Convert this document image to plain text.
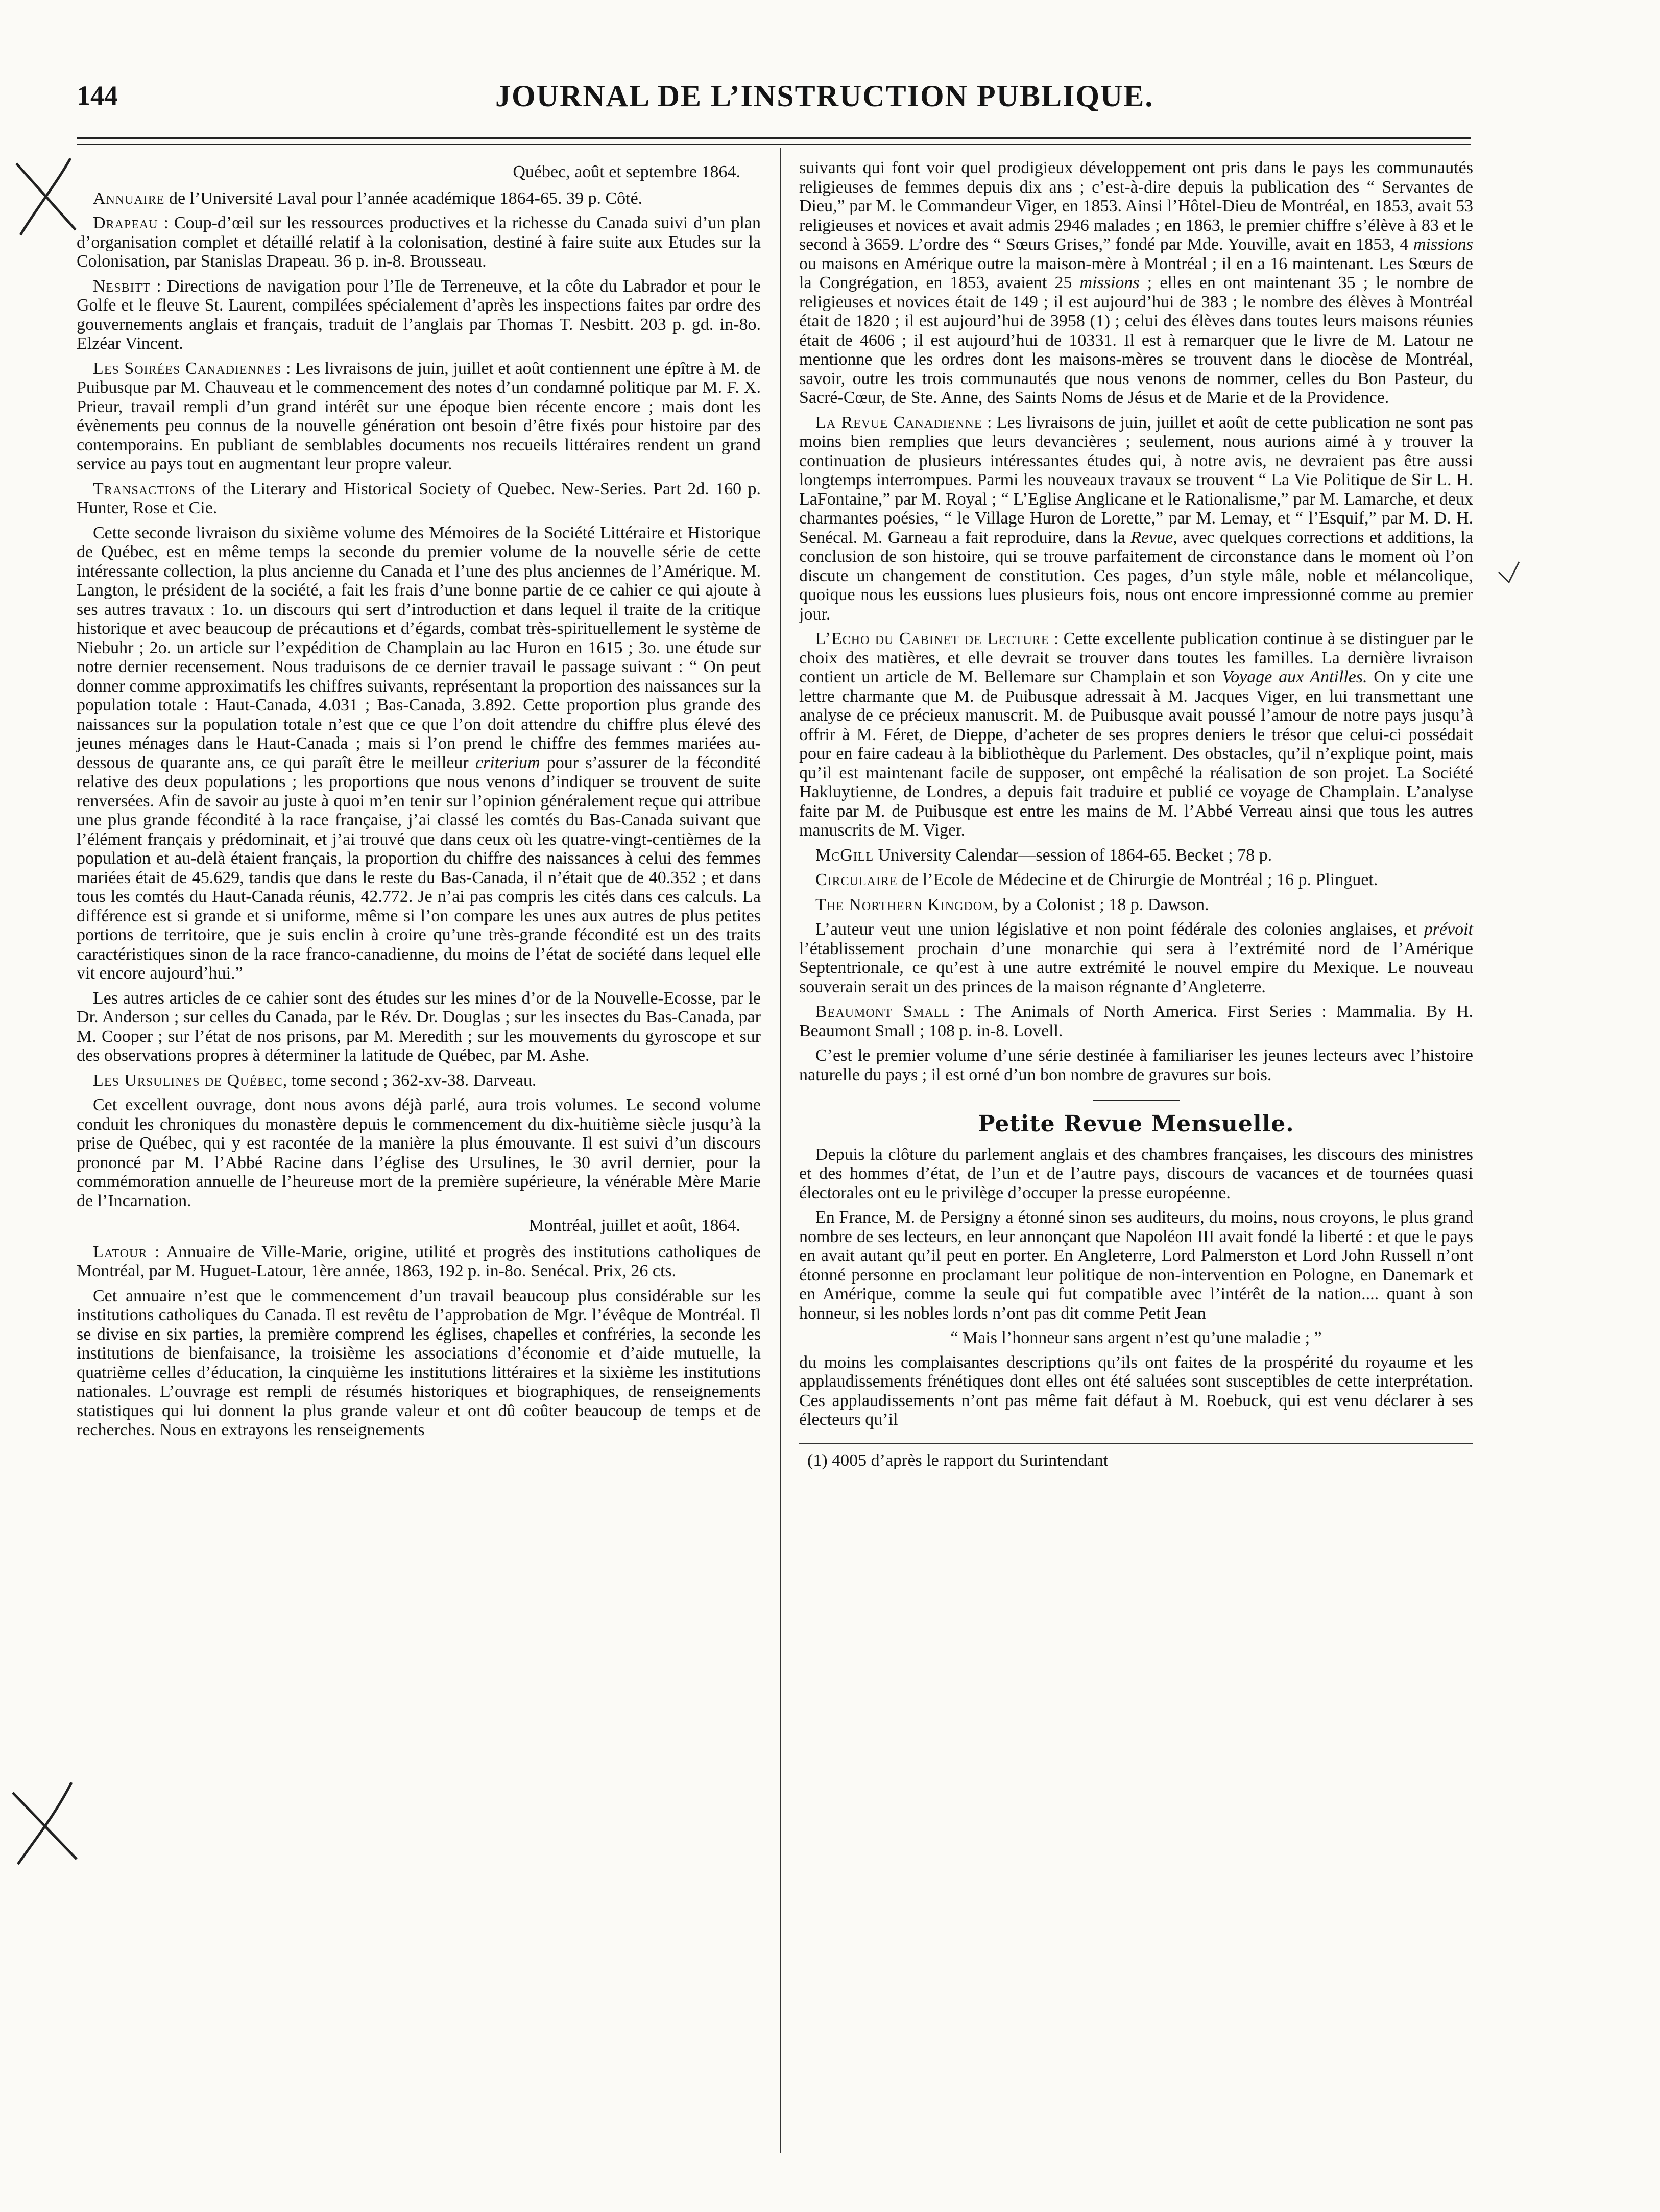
144	JOURNAL DE L’INSTRUCTION PUBLIQUE.

Québec, août et septembre 1864.

Annuaire de l’Université Laval pour l’année académique 1864-65. 39 p. Côté.

Drapeau : Coup-d’œil sur les ressources productives et la richesse du Canada suivi d’un plan d’organisation complet et détaillé relatif à la colonisation, destiné à faire suite aux Etudes sur la Colonisation, par Stanislas Drapeau. 36 p. in-8. Brousseau.

Nesbitt : Directions de navigation pour l’Ile de Terreneuve, et la côte du Labrador et pour le Golfe et le fleuve St. Laurent, compilées spécialement d’après les inspections faites par ordre des gouvernements anglais et français, traduit de l’anglais par Thomas T. Nesbitt. 203 p. gd. in-8o. Elzéar Vincent.

Les Soirées Canadiennes : Les livraisons de juin, juillet et août contiennent une épître à M. de Puibusque par M. Chauveau et le commencement des notes d’un condamné politique par M. F. X. Prieur, travail rempli d’un grand intérêt sur une époque bien récente encore ; mais dont les évènements peu connus de la nouvelle génération ont besoin d’être fixés pour histoire par des contemporains. En publiant de semblables documents nos recueils littéraires rendent un grand service au pays tout en augmentant leur propre valeur.

Transactions of the Literary and Historical Society of Quebec. New-Series. Part 2d. 160 p. Hunter, Rose et Cie.

Cette seconde livraison du sixième volume des Mémoires de la Société Littéraire et Historique de Québec, est en même temps la seconde du premier volume de la nouvelle série de cette intéressante collection, la plus ancienne du Canada et l’une des plus anciennes de l’Amérique. M. Langton, le président de la société, a fait les frais d’une bonne partie de ce cahier ce qui ajoute à ses autres travaux : 1o. un discours qui sert d’introduction et dans lequel il traite de la critique historique et avec beaucoup de précautions et d’égards, combat très-spirituellement le système de Niebuhr ; 2o. un article sur l’expédition de Champlain au lac Huron en 1615 ; 3o. une étude sur notre dernier recensement. Nous traduisons de ce dernier travail le passage suivant : “ On peut donner comme approximatifs les chiffres suivants, représentant la proportion des naissances sur la population totale : Haut-Canada, 4.031 ; Bas-Canada, 3.892. Cette proportion plus grande des naissances sur la population totale n’est que ce que l’on doit attendre du chiffre plus élevé des jeunes ménages dans le Haut-Canada ; mais si l’on prend le chiffre des femmes mariées au-dessous de quarante ans, ce qui paraît être le meilleur criterium pour s’assurer de la fécondité relative des deux populations ; les proportions que nous venons d’indiquer se trouvent de suite renversées. Afin de savoir au juste à quoi m’en tenir sur l’opinion généralement reçue qui attribue une plus grande fécondité à la race française, j’ai classé les comtés du Bas-Canada suivant que l’élément français y prédominait, et j’ai trouvé que dans ceux où les quatre-vingt-centièmes de la population et au-delà étaient français, la proportion du chiffre des naissances à celui des femmes mariées était de 45.629, tandis que dans le reste du Bas-Canada, il n’était que de 40.352 ; et dans tous les comtés du Haut-Canada réunis, 42.772. Je n’ai pas compris les cités dans ces calculs. La différence est si grande et si uniforme, même si l’on compare les unes aux autres de plus petites portions de territoire, que je suis enclin à croire qu’une très-grande fécondité est un des traits caractéristiques sinon de la race franco-canadienne, du moins de l’état de société dans lequel elle vit encore aujourd’hui.”

Les autres articles de ce cahier sont des études sur les mines d’or de la Nouvelle-Ecosse, par le Dr. Anderson ; sur celles du Canada, par le Rév. Dr. Douglas ; sur les insectes du Bas-Canada, par M. Cooper ; sur l’état de nos prisons, par M. Meredith ; sur les mouvements du gyroscope et sur des observations propres à déterminer la latitude de Québec, par M. Ashe.

Les Ursulines de Québec, tome second ; 362-xv-38. Darveau.

Cet excellent ouvrage, dont nous avons déjà parlé, aura trois volumes. Le second volume conduit les chroniques du monastère depuis le commencement du dix-huitième siècle jusqu’à la prise de Québec, qui y est racontée de la manière la plus émouvante. Il est suivi d’un discours prononcé par M. l’Abbé Racine dans l’église des Ursulines, le 30 avril dernier, pour la commémoration annuelle de l’heureuse mort de la première supérieure, la vénérable Mère Marie de l’Incarnation.

Montréal, juillet et août, 1864.

Latour : Annuaire de Ville-Marie, origine, utilité et progrès des institutions catholiques de Montréal, par M. Huguet-Latour, 1ère année, 1863, 192 p. in-8o. Senécal. Prix, 26 cts.

Cet annuaire n’est que le commencement d’un travail beaucoup plus considérable sur les institutions catholiques du Canada. Il est revêtu de l’approbation de Mgr. l’évêque de Montréal. Il se divise en six parties, la première comprend les églises, chapelles et confréries, la seconde les institutions de bienfaisance, la troisième les associations d’économie et d’aide mutuelle, la quatrième celles d’éducation, la cinquième les institutions littéraires et la sixième les institutions nationales. L’ouvrage est rempli de résumés historiques et biographiques, de renseignements statistiques qui lui donnent la plus grande valeur et ont dû coûter beaucoup de temps et de recherches. Nous en extrayons les renseignements

suivants qui font voir quel prodigieux développement ont pris dans le pays les communautés religieuses de femmes depuis dix ans ; c’est-à-dire depuis la publication des “ Servantes de Dieu,” par M. le Commandeur Viger, en 1853. Ainsi l’Hôtel-Dieu de Montréal, en 1853, avait 53 religieuses et novices et avait admis 2946 malades ; en 1863, le premier chiffre s’élève à 83 et le second à 3659. L’ordre des “ Sœurs Grises,” fondé par Mde. Youville, avait en 1853, 4 missions ou maisons en Amérique outre la maison-mère à Montréal ; il en a 16 maintenant. Les Sœurs de la Congrégation, en 1853, avaient 25 missions ; elles en ont maintenant 35 ; le nombre de religieuses et novices était de 149 ; il est aujourd’hui de 383 ; le nombre des élèves à Montréal était de 1820 ; il est aujourd’hui de 3958 (1) ; celui des élèves dans toutes leurs maisons réunies était de 4606 ; il est aujourd’hui de 10331. Il est à remarquer que le livre de M. Latour ne mentionne que les ordres dont les maisons-mères se trouvent dans le diocèse de Montréal, savoir, outre les trois communautés que nous venons de nommer, celles du Bon Pasteur, du Sacré-Cœur, de Ste. Anne, des Saints Noms de Jésus et de Marie et de la Providence.

La Revue Canadienne : Les livraisons de juin, juillet et août de cette publication ne sont pas moins bien remplies que leurs devancières ; seulement, nous aurions aimé à y trouver la continuation de plusieurs intéressantes études qui, à notre avis, ne devraient pas être aussi longtemps interrompues. Parmi les nouveaux travaux se trouvent “ La Vie Politique de Sir L. H. LaFontaine,” par M. Royal ; “ L’Eglise Anglicane et le Rationalisme,” par M. Lamarche, et deux charmantes poésies, “ le Village Huron de Lorette,” par M. Lemay, et “ l’Esquif,” par M. D. H. Senécal. M. Garneau a fait reproduire, dans la Revue, avec quelques corrections et additions, la conclusion de son histoire, qui se trouve parfaitement de circonstance dans le moment où l’on discute un changement de constitution. Ces pages, d’un style mâle, noble et mélancolique, quoique nous les eussions lues plusieurs fois, nous ont encore impressionné comme au premier jour.

L’Echo du Cabinet de Lecture : Cette excellente publication continue à se distinguer par le choix des matières, et elle devrait se trouver dans toutes les familles. La dernière livraison contient un article de M. Bellemare sur Champlain et son Voyage aux Antilles. On y cite une lettre charmante que M. de Puibusque adressait à M. Jacques Viger, en lui transmettant une analyse de ce précieux manuscrit. M. de Puibusque avait poussé l’amour de notre pays jusqu’à offrir à M. Féret, de Dieppe, d’acheter de ses propres deniers le trésor que celui-ci possédait pour en faire cadeau à la bibliothèque du Parlement. Des obstacles, qu’il n’explique point, mais qu’il est maintenant facile de supposer, ont empêché la réalisation de son projet. La Société Hakluytienne, de Londres, a depuis fait traduire et publié ce voyage de Champlain. L’analyse faite par M. de Puibusque est entre les mains de M. l’Abbé Verreau ainsi que tous les autres manuscrits de M. Viger.

McGill University Calendar—session of 1864-65. Becket ; 78 p.

Circulaire de l’Ecole de Médecine et de Chirurgie de Montréal ; 16 p. Plinguet.

The Northern Kingdom, by a Colonist ; 18 p. Dawson.

L’auteur veut une union législative et non point fédérale des colonies anglaises, et prévoit l’établissement prochain d’une monarchie qui sera à l’extrémité nord de l’Amérique Septentrionale, ce qu’est à une autre extrémité le nouvel empire du Mexique. Le nouveau souverain serait un des princes de la maison régnante d’Angleterre.

Beaumont Small : The Animals of North America. First Series : Mammalia. By H. Beaumont Small ; 108 p. in-8. Lovell.

C’est le premier volume d’une série destinée à familiariser les jeunes lecteurs avec l’histoire naturelle du pays ; il est orné d’un bon nombre de gravures sur bois.

Petite Revue Mensuelle.

Depuis la clôture du parlement anglais et des chambres françaises, les discours des ministres et des hommes d’état, de l’un et de l’autre pays, discours de vacances et de tournées quasi électorales ont eu le privilège d’occuper la presse européenne.

En France, M. de Persigny a étonné sinon ses auditeurs, du moins, nous croyons, le plus grand nombre de ses lecteurs, en leur annonçant que Napoléon III avait fondé la liberté : et que le pays en avait autant qu’il peut en porter. En Angleterre, Lord Palmerston et Lord John Russell n’ont étonné personne en proclamant leur politique de non-intervention en Pologne, en Danemark et en Amérique, comme la seule qui fut compatible avec l’intérêt de la nation.... quant à son honneur, si les nobles lords n’ont pas dit comme Petit Jean

“ Mais l’honneur sans argent n’est qu’une maladie ; ”

du moins les complaisantes descriptions qu’ils ont faites de la prospérité du royaume et les applaudissements frénétiques dont elles ont été saluées sont susceptibles de cette interprétation. Ces applaudissements n’ont pas même fait défaut à M. Roebuck, qui est venu déclarer à ses électeurs qu’il

(1) 4005 d’après le rapport du Surintendant
